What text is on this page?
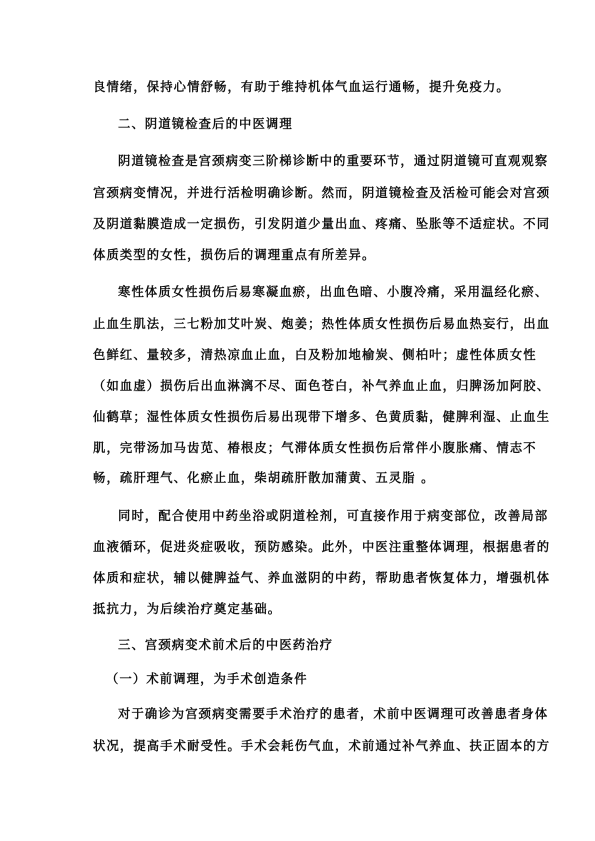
良情绪，保持心情舒畅，有助于维持机体气血运行通畅，提升免疫力。
二、阴道镜检查后的中医调理
阴道镜检查是宫颈病变三阶梯诊断中的重要环节，通过阴道镜可直观观察
宫颈病变情况，并进行活检明确诊断。然而，阴道镜检查及活检可能会对宫颈
及阴道黏膜造成一定损伤，引发阴道少量出血、疼痛、坠胀等不适症状。不同
体质类型的女性，损伤后的调理重点有所差异。
寒性体质女性损伤后易寒凝血瘀，出血色暗、小腹冷痛，采用温经化瘀、
止血生肌法，三七粉加艾叶炭、炮姜；热性体质女性损伤后易血热妄行，出血
色鲜红、量较多，清热凉血止血，白及粉加地榆炭、侧柏叶；虚性体质女性
（如血虚）损伤后出血淋漓不尽、面色苍白，补气养血止血，归脾汤加阿胶、
仙鹤草；湿性体质女性损伤后易出现带下增多、色黄质黏，健脾利湿、止血生
肌，完带汤加马齿苋、椿根皮；气滞体质女性损伤后常伴小腹胀痛、情志不
畅，疏肝理气、化瘀止血，柴胡疏肝散加蒲黄、五灵脂 。
同时，配合使用中药坐浴或阴道栓剂，可直接作用于病变部位，改善局部
血液循环，促进炎症吸收，预防感染。此外，中医注重整体调理，根据患者的
体质和症状，辅以健脾益气、养血滋阴的中药，帮助患者恢复体力，增强机体
抵抗力，为后续治疗奠定基础。
三、宫颈病变术前术后的中医药治疗
（一）术前调理，为手术创造条件
对于确诊为宫颈病变需要手术治疗的患者，术前中医调理可改善患者身体
状况，提高手术耐受性。手术会耗伤气血，术前通过补气养血、扶正固本的方
